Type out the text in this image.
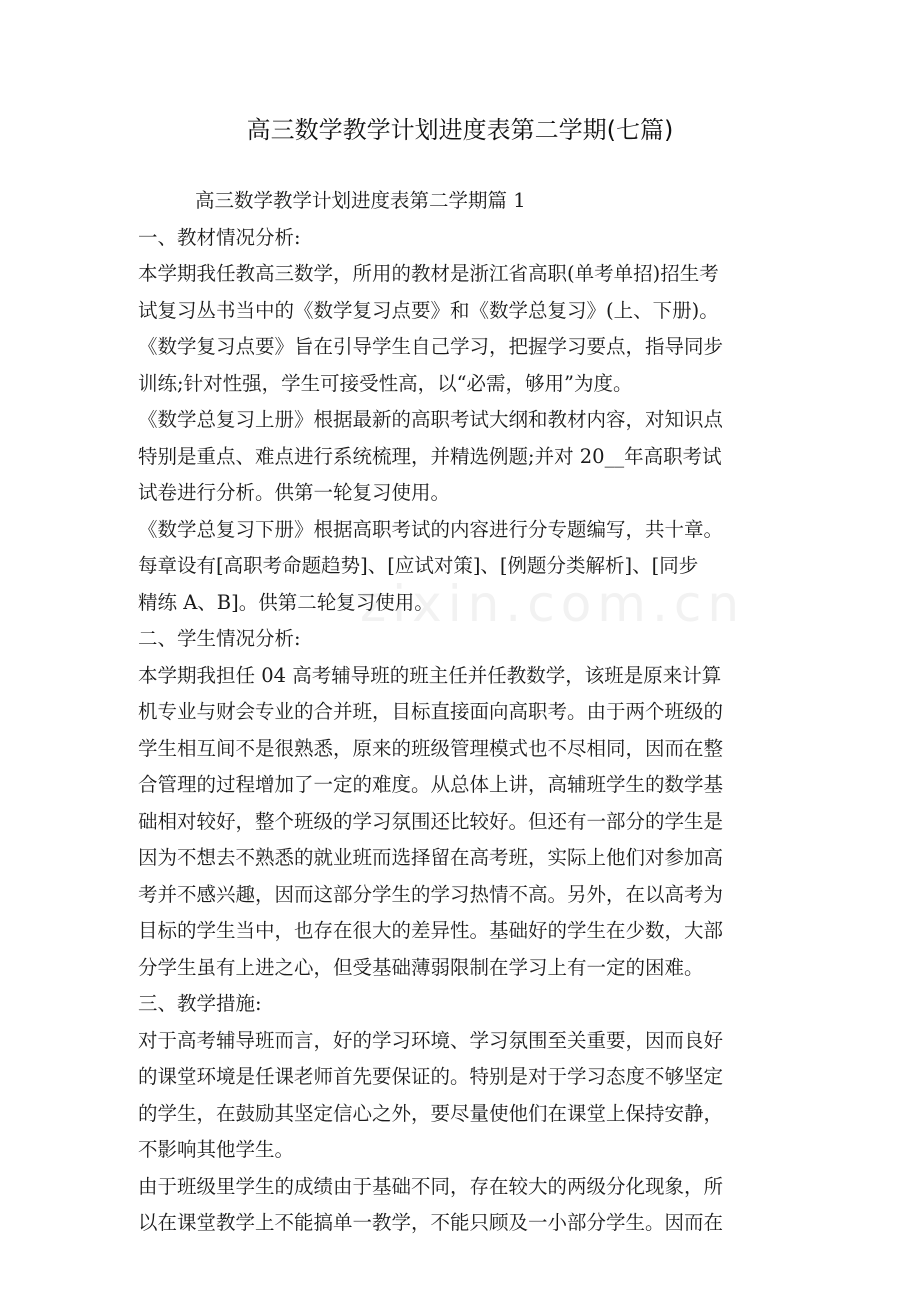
zixin.com.cn
高三数学教学计划进度表第二学期(七篇)
高三数学教学计划进度表第二学期篇 1
一、教材情况分析:
本学期我任教高三数学，所用的教材是浙江省高职(单考单招)招生考
试复习丛书当中的《数学复习点要》和《数学总复习》(上、下册)。
《数学复习点要》旨在引导学生自己学习，把握学习要点，指导同步
训练;针对性强，学生可接受性高，以“必需，够用”为度。
《数学总复习上册》根据最新的高职考试大纲和教材内容，对知识点
特别是重点、难点进行系统梳理，并精选例题;并对 20__年高职考试
试卷进行分析。供第一轮复习使用。
《数学总复习下册》根据高职考试的内容进行分专题编写，共十章。
每章设有[高职考命题趋势]、[应试对策]、[例题分类解析]、[同步
精练 A、B]。供第二轮复习使用。
二、学生情况分析:
本学期我担任 04 高考辅导班的班主任并任教数学，该班是原来计算
机专业与财会专业的合并班，目标直接面向高职考。由于两个班级的
学生相互间不是很熟悉，原来的班级管理模式也不尽相同，因而在整
合管理的过程增加了一定的难度。从总体上讲，高辅班学生的数学基
础相对较好，整个班级的学习氛围还比较好。但还有一部分的学生是
因为不想去不熟悉的就业班而选择留在高考班，实际上他们对参加高
考并不感兴趣，因而这部分学生的学习热情不高。另外，在以高考为
目标的学生当中，也存在很大的差异性。基础好的学生在少数，大部
分学生虽有上进之心，但受基础薄弱限制在学习上有一定的困难。
三、教学措施:
对于高考辅导班而言，好的学习环境、学习氛围至关重要，因而良好
的课堂环境是任课老师首先要保证的。特别是对于学习态度不够坚定
的学生，在鼓励其坚定信心之外，要尽量使他们在课堂上保持安静，
不影响其他学生。
由于班级里学生的成绩由于基础不同，存在较大的两级分化现象，所
以在课堂教学上不能搞单一教学，不能只顾及一小部分学生。因而在
